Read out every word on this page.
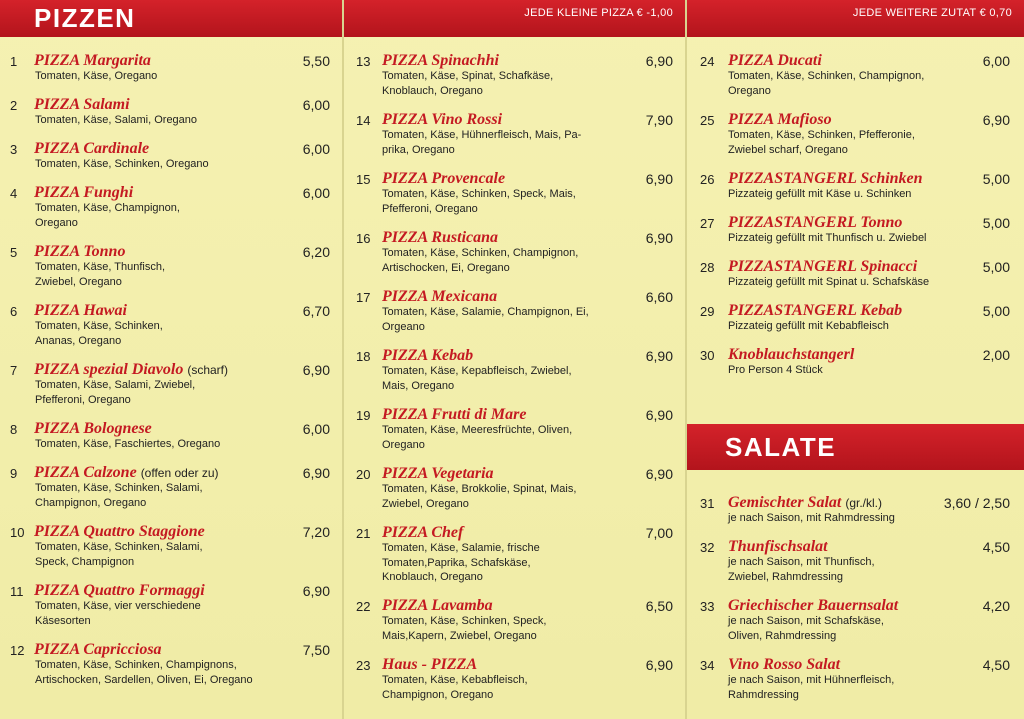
PIZZEN
1 PIZZA Margarita
Tomaten, Käse, Oregano
5,50
2 PIZZA Salami
Tomaten, Käse, Salami, Oregano
6,00
3 PIZZA Cardinale
Tomaten, Käse, Schinken, Oregano
6,00
4 PIZZA Funghi
Tomaten, Käse, Champignon,
Oregano
6,00
5 PIZZA Tonno
Tomaten, Käse, Thunfisch,
Zwiebel, Oregano
6,20
6 PIZZA Hawai
Tomaten, Käse, Schinken,
Ananas, Oregano
6,70
7 PIZZA spezial Diavolo (scharf)
Tomaten, Käse, Salami, Zwiebel,
Pfefferoni, Oregano
6,90
8 PIZZA Bolognese
Tomaten, Käse, Faschiertes, Oregano
6,00
9 PIZZA Calzone (offen oder zu)
Tomaten, Käse, Schinken, Salami,
Champignon, Oregano
6,90
10 PIZZA Quattro Staggione
Tomaten, Käse, Schinken, Salami,
Speck, Champignon
7,20
11 PIZZA Quattro Formaggi
Tomaten, Käse, vier verschiedene
Käsesorten
6,90
12 PIZZA Capricciosa
Tomaten, Käse, Schinken, Champignons,
Artischocken, Sardellen, Oliven, Ei, Oregano
7,50
JEDE KLEINE PIZZA € -1,00
13 PIZZA Spinachhi
Tomaten, Käse, Spinat, Schafkäse,
Knoblauch, Oregano
6,90
14 PIZZA Vino Rossi
Tomaten, Käse, Hühnerfleisch, Mais, Pa-
prika, Oregano
7,90
15 PIZZA Provencale
Tomaten, Käse, Schinken, Speck, Mais,
Pfefferoni, Oregano
6,90
16 PIZZA Rusticana
Tomaten, Käse, Schinken, Champignon,
Artischocken, Ei, Oregano
6,90
17 PIZZA Mexicana
Tomaten, Käse, Salamie, Champignon, Ei,
Orgeano
6,60
18 PIZZA Kebab
Tomaten, Käse, Kepabfleisch, Zwiebel,
Mais, Oregano
6,90
19 PIZZA Frutti di Mare
Tomaten, Käse, Meeresfrüchte, Oliven,
Oregano
6,90
20 PIZZA Vegetaria
Tomaten, Käse, Brokkolie, Spinat, Mais,
Zwiebel, Oregano
6,90
21 PIZZA Chef
Tomaten, Käse, Salamie, frische
Tomaten,Paprika, Schafskäse,
Knoblauch, Oregano
7,00
22 PIZZA Lavamba
Tomaten, Käse, Schinken, Speck,
Mais,Kapern, Zwiebel, Oregano
6,50
23 Haus - PIZZA
Tomaten, Käse, Kebabfleisch,
Champignon, Oregano
6,90
JEDE WEITERE ZUTAT € 0,70
SALATE
24 PIZZA Ducati
Tomaten, Käse, Schinken, Champignon,
Oregano
6,00
25 PIZZA Mafioso
Tomaten, Käse, Schinken, Pfefferonie,
Zwiebel scharf, Oregano
6,90
26 PIZZASTANGERL Schinken
Pizzateig gefüllt mit Käse u. Schinken
5,00
27 PIZZASTANGERL Tonno
Pizzateig gefüllt mit Thunfisch u. Zwiebel
5,00
28 PIZZASTANGERL Spinacci
Pizzateig gefüllt mit Spinat u. Schafskäse
5,00
29 PIZZASTANGERL Kebab
Pizzateig gefüllt mit Kebabfleisch
5,00
30 Knoblauchstangerl
Pro Person 4 Stück
2,00
31 Gemischter Salat (gr./kl.)
je nach Saison, mit Rahmdressing
3,60 / 2,50
32 Thunfischsalat
je nach Saison, mit Thunfisch,
Zwiebel, Rahmdressing
4,50
33 Griechischer Bauernsalat
je nach Saison, mit Schafskäse,
Oliven, Rahmdressing
4,20
34 Vino Rosso Salat
je nach Saison, mit Hühnerfleisch,
Rahmdressing
4,50
